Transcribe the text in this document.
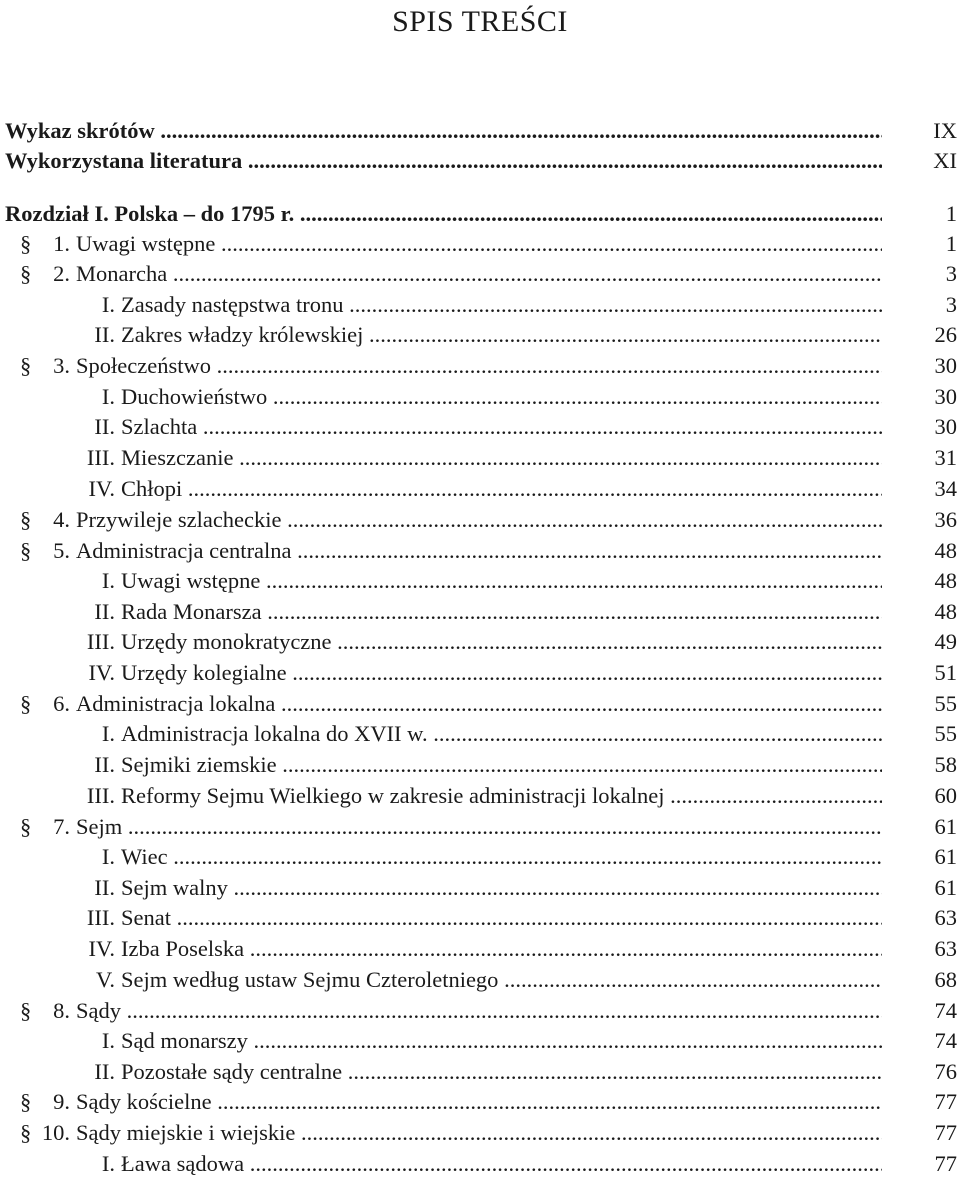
SPIS TREŚCI
Wykaz skrótów .....	IX
Wykorzystana literatura .....	XI
Rozdział I. Polska – do 1795 r. .....	1
§ 1. Uwagi wstępne .....	1
§ 2. Monarcha .....	3
I. Zasady następstwa tronu .....	3
II. Zakres władzy królewskiej .....	26
§ 3. Społeczeństwo .....	30
I. Duchowieństwo .....	30
II. Szlachta .....	30
III. Mieszczanie .....	31
IV. Chłopi .....	34
§ 4. Przywileje szlacheckie .....	36
§ 5. Administracja centralna .....	48
I. Uwagi wstępne .....	48
II. Rada Monarsza .....	48
III. Urzędy monokratyczne .....	49
IV. Urzędy kolegialne .....	51
§ 6. Administracja lokalna .....	55
I. Administracja lokalna do XVII w. .....	55
II. Sejmiki ziemskie .....	58
III. Reformy Sejmu Wielkiego w zakresie administracji lokalnej .....	60
§ 7. Sejm .....	61
I. Wiec .....	61
II. Sejm walny .....	61
III. Senat .....	63
IV. Izba Poselska .....	63
V. Sejm według ustaw Sejmu Czteroletniego .....	68
§ 8. Sądy .....	74
I. Sąd monarszy .....	74
II. Pozostałe sądy centralne .....	76
§ 9. Sądy kościelne .....	77
§ 10. Sądy miejskie i wiejskie .....	77
I. Ława sądowa .....	77
